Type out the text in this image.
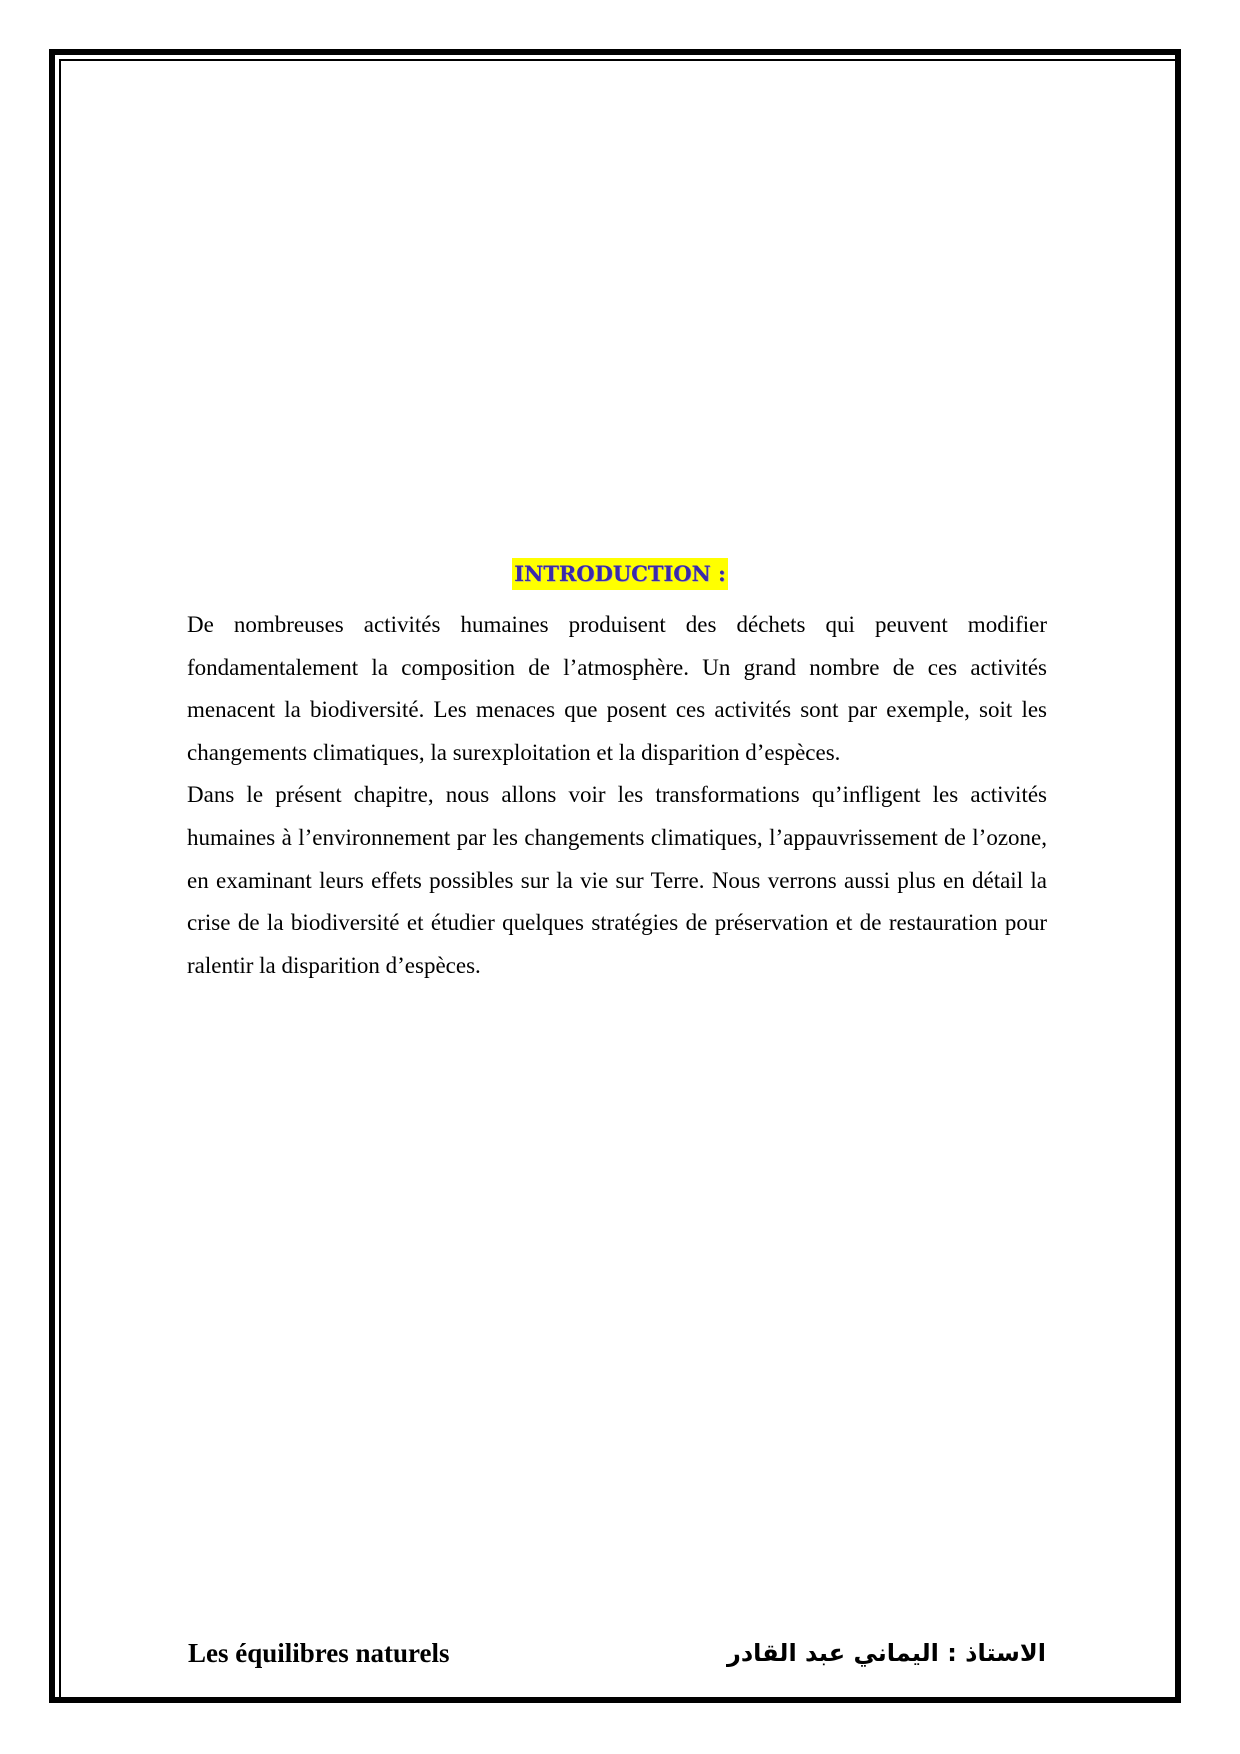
INTRODUCTION :

De nombreuses activités humaines produisent des déchets qui peuvent modifier fondamentalement la composition de l’atmosphère. Un grand nombre de ces activités menacent la biodiversité. Les menaces que posent ces activités sont par exemple, soit les changements climatiques, la surexploitation et la disparition d’espèces.

Dans le présent chapitre, nous allons voir les transformations qu’infligent les activités humaines à l’environnement par les changements climatiques, l’appauvrissement de l’ozone, en examinant leurs effets possibles sur la vie sur Terre. Nous verrons aussi plus en détail la crise de la biodiversité et étudier quelques stratégies de préservation et de restauration pour ralentir la disparition d’espèces.

Les équilibres naturels	الاستاذ : اليماني عبد القادر
